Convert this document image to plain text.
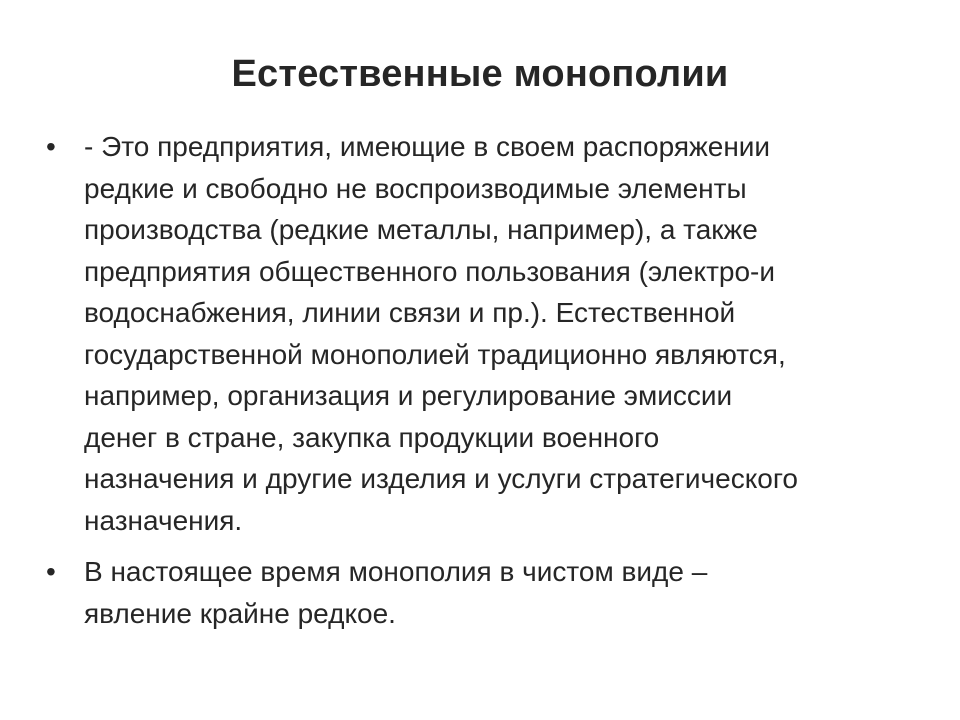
Естественные монополии
•	- Это предприятия, имеющие в своем распоряжении
редкие и свободно не воспроизводимые элементы
производства (редкие металлы, например), а также
предприятия общественного пользования (электро-и
водоснабжения, линии связи и пр.). Естественной
государственной монополией традиционно являются,
например, организация и регулирование эмиссии
денег в стране, закупка продукции военного
назначения и другие изделия и услуги стратегического
назначения.
•	В настоящее время монополия в чистом виде –
явление крайне редкое.
